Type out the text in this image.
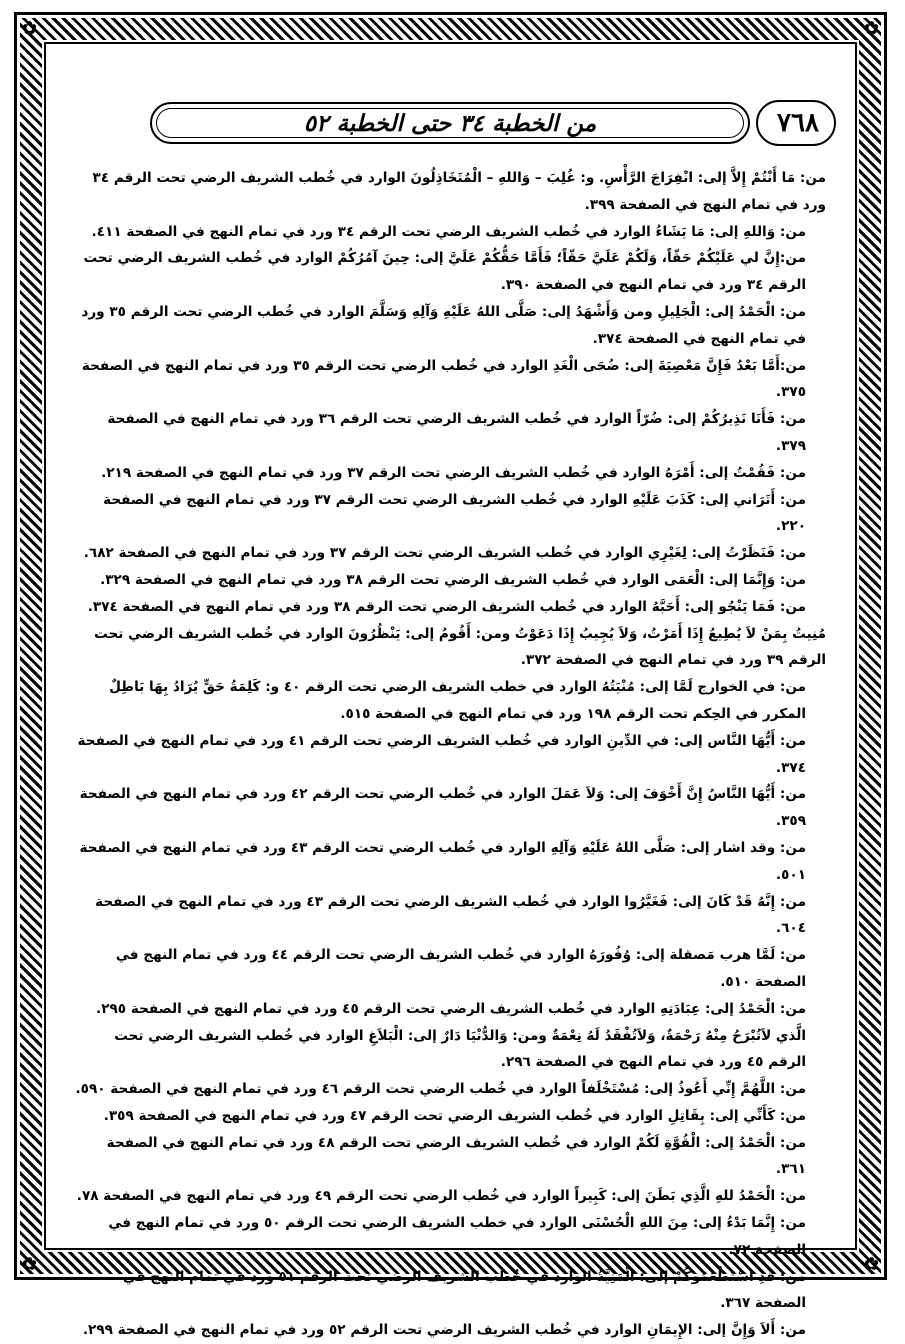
✿	✿
✿	✿
من الخطبة ٣٤ حتى الخطبة ٥٢	٧٦٨

من: مَا أَنْتُمْ إِلاَّ إلى: انْفِرَاجَ الرَّأْسِ. و: غُلِبَ – وَاللهِ – الْمُتَخَاذِلُونَ الوارد في خُطب الشريف الرضي تحت الرقم ٣٤ ورد في تمام النهج في الصفحة ٣٩٩.

من: وَاللهِ إلى: مَا يَشَاءُ الوارد في خُطب الشريف الرضي تحت الرقم ٣٤ ورد في تمام النهج في الصفحة ٤١١.

من:إِنَّ لي عَلَيْكُمْ حَقّاً، وَلَكُمْ عَلَيَّ حَقّاً؛ فَأَمَّا حَقُّكُمْ عَلَيَّ إلى: حِينَ آمُرُكُمْ الوارد في خُطب الشريف الرضي تحت الرقم ٣٤ ورد في تمام النهج في الصفحة ٣٩٠.

من: الْحَمْدُ إلى: الْجَلِيلِ ومن وَأَشْهَدُ إلى: صَلَّى اللهُ عَلَيْهِ وَآلِهِ وَسَلَّمَ الوارد في خُطب الرضي تحت الرقم ٣٥ ورد في تمام النهج في الصفحة ٣٧٤.

من:أَمَّا بَعْدُ فَإِنَّ مَعْصِيَةَ إلى: ضُحَى الْغَدِ الوارد في خُطب الرضي تحت الرقم ٣٥ ورد في تمام النهج في الصفحة ٣٧٥.

من: فَأَنَا نَذِيرُكُمْ إلى: ضُرّاً الوارد في خُطب الشريف الرضي تحت الرقم ٣٦ ورد في تمام النهج في الصفحة ٣٧٩.

من: فَقُمْتُ إلى: أَمْرَهُ الوارد في خُطب الشريف الرضي تحت الرقم ٣٧ ورد في تمام النهج في الصفحة ٢١٩.

من: أَتَرَاني إلى: كَذَبَ عَلَيْهِ الوارد في خُطب الشريف الرضي تحت الرقم ٣٧ ورد في تمام النهج في الصفحة ٢٢٠.

من: فَنَظَرْتُ إلى: لِغَيْرِي الوارد في خُطب الشريف الرضي تحت الرقم ٣٧ ورد في تمام النهج في الصفحة ٦٨٢.

من: وَإِنَّمَا إلى: الْعَمَى الوارد في خُطب الشريف الرضي تحت الرقم ٣٨ ورد في تمام النهج في الصفحة ٣٢٩.

من: فَمَا يَنْجُو إلى: أَحَبَّهُ الوارد في خُطب الشريف الرضي تحت الرقم ٣٨ ورد في تمام النهج في الصفحة ٣٧٤.

مُنِيتُ بِمَنْ لاَ يُطِيعُ إِذَا أَمَرْتُ، وَلاَ يُجِيبُ إِذَا دَعَوْتُ ومن: أَقُومُ إلى: يَنْظُرُونَ الوارد في خُطب الشريف الرضي تحت الرقم ٣٩ ورد في تمام النهج في الصفحة ٣٧٢.

من: في الخوارج لَمَّا إلى: مُنْيَتُهُ الوارد في خطب الشريف الرضي تحت الرقم ٤٠ و: كَلِمَةُ حَقٍّ يُرَادُ بِهَا بَاطِلٌ المكرر في الحِكم تحت الرقم ١٩٨ ورد في تمام النهج في الصفحة ٥١٥.

من: أَيُّهَا النَّاس إلى: في الدِّينِ الوارد في خُطب الشريف الرضي تحت الرقم ٤١ ورد في تمام النهج في الصفحة ٣٧٤.

من: أَيُّهَا النَّاسُ إِنَّ أَخْوَفَ إلى: وَلاَ عَمَلَ الوارد في خُطب الرضي تحت الرقم ٤٢ ورد في تمام النهج في الصفحة ٣٥٩.

من: وقد اشار إلى: صَلَّى اللهُ عَلَيْهِ وَآلِهِ الوارد في خُطب الرضي تحت الرقم ٤٣ ورد في تمام النهج في الصفحة ٥٠١.

من: إِنَّهُ قَدْ كَانَ إلى: فَغَيَّرُوا الوارد في خُطب الشريف الرضي تحت الرقم ٤٣ ورد في تمام النهج في الصفحة ٦٠٤.

من: لَمَّا هرب مَصقلة إلى: وُفُورَهُ الوارد في خُطب الشريف الرضي تحت الرقم ٤٤ ورد في تمام النهج في الصفحة ٥١٠.

من: الْحَمْدُ إلى: عِبَادَتِهِ الوارد في خُطب الشريف الرضي تحت الرقم ٤٥ ورد في تمام النهج في الصفحة ٢٩٥.

الَّذي لاَتُبْرَحُ مِنْهُ رَحْمَةٌ، وَلاَتُفْقَدُ لَهُ نِعْمَةٌ ومن: وَالدُّنْيَا دَارٌ إلى: الْبَلاَغِ الوارد في خُطب الشريف الرضي تحت الرقم ٤٥ ورد في تمام النهج في الصفحة ٢٩٦.

من: اللَّهُمَّ إِنِّي أَعُوذُ إلى: مُسْتَخْلَفاً الوارد في خُطب الرضي تحت الرقم ٤٦ ورد في تمام النهج في الصفحة ٥٩٠.

من: كَأَنِّي إلى: بِقَاتِلِ الوارد في خُطب الشريف الرضي تحت الرقم ٤٧ ورد في تمام النهج في الصفحة ٣٥٩.

من: الْحَمْدُ إلى: الْقُوَّةِ لَكُمْ الوارد في خُطب الشريف الرضي تحت الرقم ٤٨ ورد في تمام النهج في الصفحة ٣٦١.

من: الْحَمْدُ للهِ الَّذِي بَطَنَ إلى: كَبِيراً الوارد في خُطب الرضي تحت الرقم ٤٩ ورد في تمام النهج في الصفحة ٧٨.

من: إِنَّمَا بَدْءُ إلى: مِنَ اللهِ الْحُسْنَى الوارد في خطب الشريف الرضي تحت الرقم ٥٠ ورد في تمام النهج في الصفحة ٧٢.

من: قَدِ اسْتَطْعَمُوكُمْ إلى: الْمَنِيَّةُ الوارد في خُطب الشريف الرضي تحت الرقم ٥١ ورد في تمام النهج في الصفحة ٣٦٧.

من: أَلاَ وَإِنَّ إلى: الإِيمَانِ الوارد في خُطب الشريف الرضي تحت الرقم ٥٢ ورد في تمام النهج في الصفحة ٢٩٩.
